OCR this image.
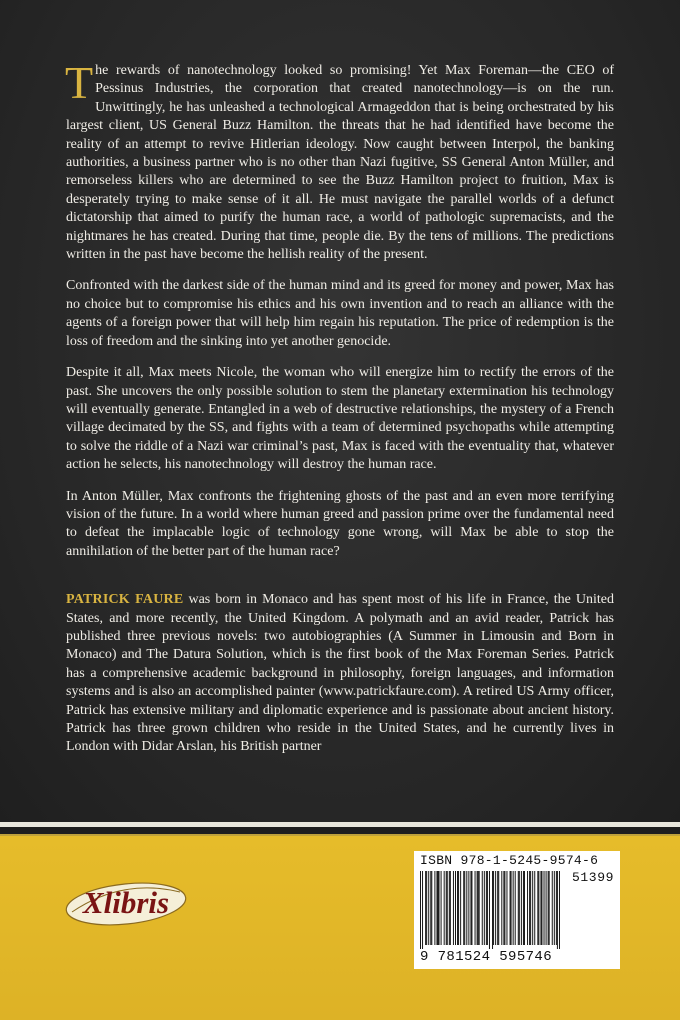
The rewards of nanotechnology looked so promising! Yet Max Foreman—the CEO of Pessinus Industries, the corporation that created nanotechnology—is on the run. Unwittingly, he has unleashed a technological Armageddon that is being orchestrated by his largest client, US General Buzz Hamilton. the threats that he had identified have become the reality of an attempt to revive Hitlerian ideology. Now caught between Interpol, the banking authorities, a business partner who is no other than Nazi fugitive, SS General Anton Müller, and remorseless killers who are determined to see the Buzz Hamilton project to fruition, Max is desperately trying to make sense of it all. He must navigate the parallel worlds of a defunct dictatorship that aimed to purify the human race, a world of pathologic supremacists, and the nightmares he has created. During that time, people die. By the tens of millions. The predictions written in the past have become the hellish reality of the present.

Confronted with the darkest side of the human mind and its greed for money and power, Max has no choice but to compromise his ethics and his own invention and to reach an alliance with the agents of a foreign power that will help him regain his reputation. The price of redemption is the loss of freedom and the sinking into yet another genocide.

Despite it all, Max meets Nicole, the woman who will energize him to rectify the errors of the past. She uncovers the only possible solution to stem the planetary extermination his technology will eventually generate. Entangled in a web of destructive relationships, the mystery of a French village decimated by the SS, and fights with a team of determined psychopaths while attempting to solve the riddle of a Nazi war criminal’s past, Max is faced with the eventuality that, whatever action he selects, his nanotechnology will destroy the human race.

In Anton Müller, Max confronts the frightening ghosts of the past and an even more terrifying vision of the future. In a world where human greed and passion prime over the fundamental need to defeat the implacable logic of technology gone wrong, will Max be able to stop the annihilation of the better part of the human race?

PATRICK FAURE was born in Monaco and has spent most of his life in France, the United States, and more recently, the United Kingdom. A polymath and an avid reader, Patrick has published three previous novels: two autobiographies (A Summer in Limousin and Born in Monaco) and The Datura Solution, which is the first book of the Max Foreman Series. Patrick has a comprehensive academic background in philosophy, foreign languages, and information systems and is also an accomplished painter (www.patrickfaure.com). A retired US Army officer, Patrick has extensive military and diplomatic experience and is passionate about ancient history. Patrick has three grown children who reside in the United States, and he currently lives in London with Didar Arslan, his British partner

Xlibris
ISBN 978-1-5245-9574-6
51399
9 781524 595746
